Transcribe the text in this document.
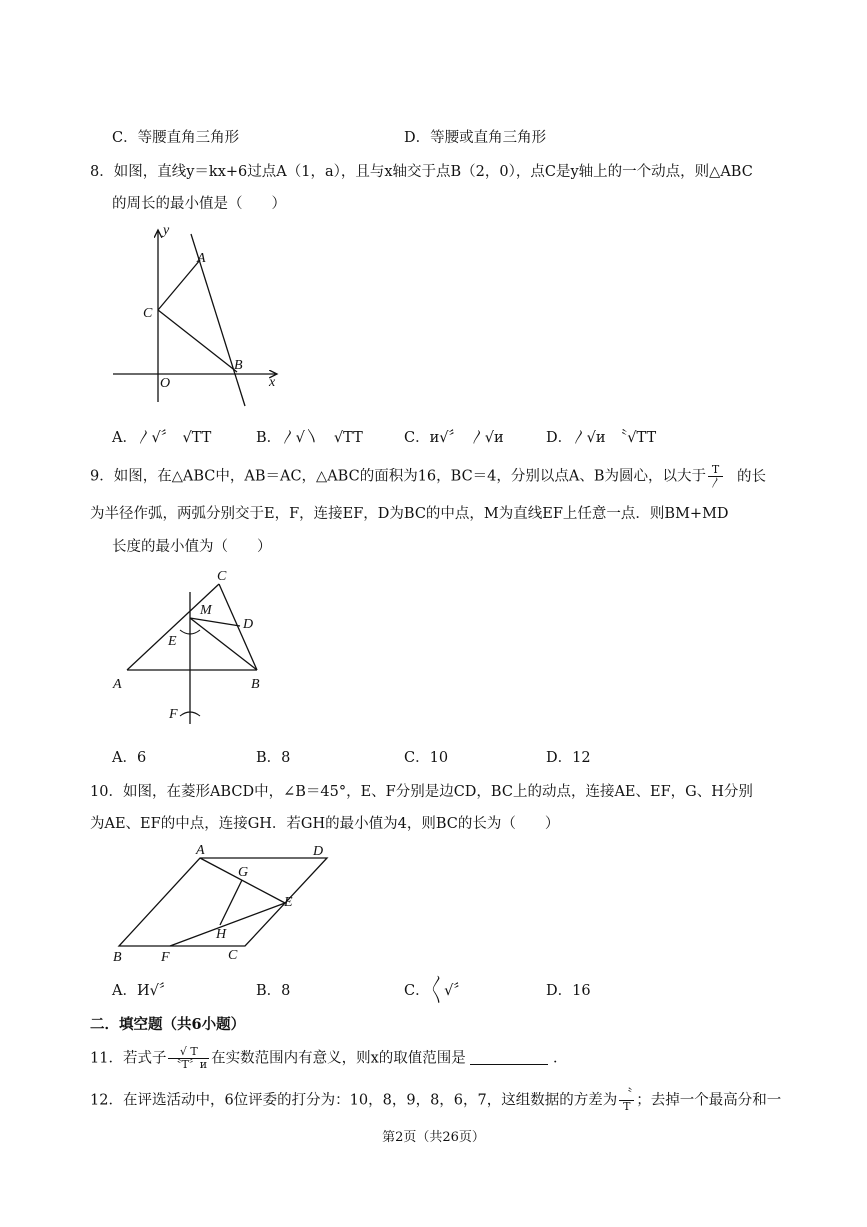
C．等腰直角三角形	D．等腰或直角三角形
8．如图，直线y＝kx+6过点A（1，a），且与x轴交于点B（2，0），点C是y轴上的一个动点，则△ABC
的周长的最小值是（　　）
y
x
O
A
B
C
A．〳√〞　√TT	B．〳√〵　√TT	C．и√〞　〳√и	D．〳√и　〝√TT
9．如图，在△ABC中，AB＝AC，△ABC的面积为16，BC＝4，分别以点A、B为圆心，以大于 $\frac{T}{\text{〳}}$ 的长
为半径作弧，两弧分别交于E，F，连接EF，D为BC的中点，M为直线EF上任意一点．则BM+MD
长度的最小值为（　　）
C
M
D
E
A	B
F
A．6	B．8	C．10	D．12
10．如图，在菱形ABCD中，∠B＝45°，E、F分别是边CD，BC上的动点，连接AE、EF，G、H分别
为AE、EF的中点，连接GH．若GH的最小值为4，则BC的长为（　　）
A	D
G
E
H
B	F	C
A．И√〞	B．8	C．〱√〞	D．16
二．填空题（共6小题）
11．若式子 $\frac{√ T}{〝T〞и}$ 在实数范围内有意义，则x的取值范围是	．
12．在评选活动中，6位评委的打分为：10，8，9，8，6，7，这组数据的方差为 $\frac{〝}{T}$ ；去掉一个最高分和一
第2页（共26页）
